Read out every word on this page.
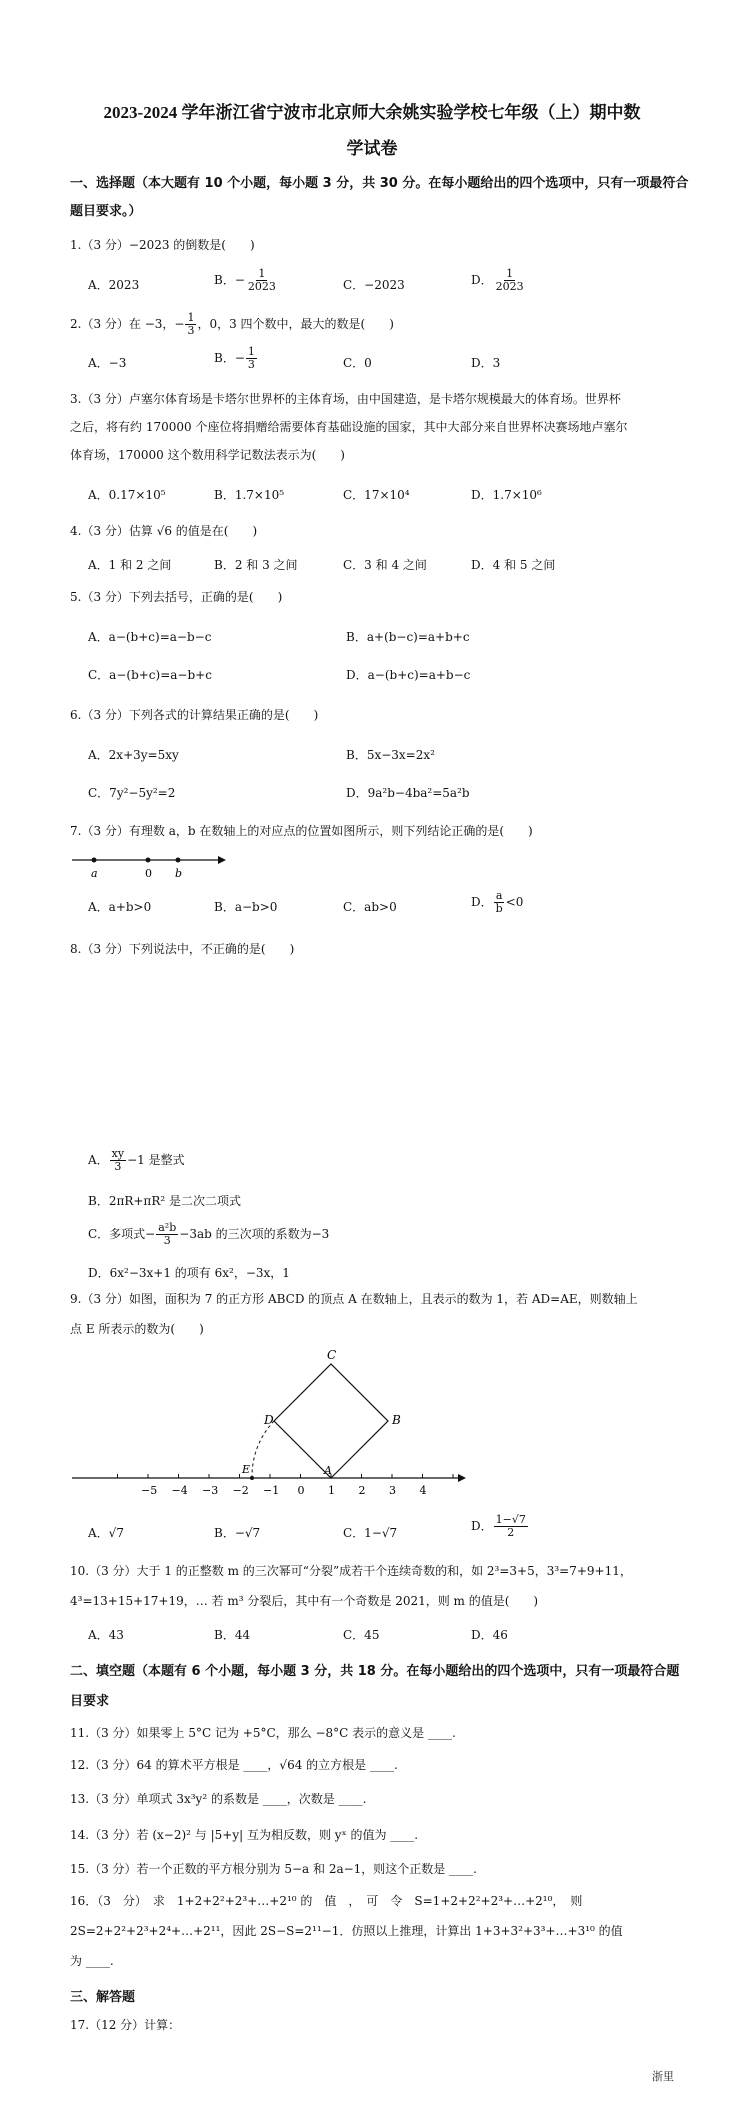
2023-2024 学年浙江省宁波市北京师大余姚实验学校七年级（上）期中数
学试卷
一、选择题（本大题有 10 个小题，每小题 3 分，共 30 分。在每小题给出的四个选项中，只有一项最符合
题目要求。）
1.（3 分）−2023 的倒数是(　　)
A．2023	B．− $\frac{1}{2023}$	C．−2023	D． $\frac{1}{2023}$
2.（3 分）在 −3，− $\frac{1}{3}$ ，0，3 四个数中，最大的数是(　　)
A．−3	B．− $\frac{1}{3}$	C．0	D．3
3.（3 分）卢塞尔体育场是卡塔尔世界杯的主体育场，由中国建造，是卡塔尔规模最大的体育场。世界杯
之后，将有约 170000 个座位将捐赠给需要体育基础设施的国家，其中大部分来自世界杯决赛场地卢塞尔
体育场，170000 这个数用科学记数法表示为(　　)
A．0.17×10⁵	B．1.7×10⁵	C．17×10⁴	D．1.7×10⁶
4.（3 分）估算 √6 的值是在(　　)
A．1 和 2 之间	B．2 和 3 之间	C．3 和 4 之间	D．4 和 5 之间
5.（3 分）下列去括号，正确的是(　　)
A．a−(b+c)=a−b−c	B．a+(b−c)=a+b+c
C．a−(b+c)=a−b+c	D．a−(b+c)=a+b−c
6.（3 分）下列各式的计算结果正确的是(　　)
A．2x+3y=5xy	B．5x−3x=2x²
C．7y²−5y²=2	D．9a²b−4ba²=5a²b
7.（3 分）有理数 a，b 在数轴上的对应点的位置如图所示，则下列结论正确的是(　　)
a	0 b
A．a+b>0	B．a−b>0	C．ab>0	D． $\frac{a}{b} <0$
8.（3 分）下列说法中，不正确的是(　　)
A． $\frac{xy}{3} -1$ 是整式
B．2πR+πR² 是二次二项式
C．多项式− $\frac{\text{a²b}}{3} -3ab$ 的三次项的系数为−3
D．6x²−3x+1 的项有 6x²，−3x，1
9.（3 分）如图，面积为 7 的正方形 ABCD 的顶点 A 在数轴上，且表示的数为 1，若 AD=AE，则数轴上
点 E 所表示的数为(　　)
−5 −4 −3 −2 −1 0 1 2 3 4
C
D	B
E	A
A．√7	B．−√7	C．1−√7	D． $\frac{1-√7}{2}$
10.（3 分）大于 1 的正整数 m 的三次幂可“分裂”成若干个连续奇数的和，如 2³=3+5，3³=7+9+11，
4³=13+15+17+19，… 若 m³ 分裂后，其中有一个奇数是 2021，则 m 的值是(　　)
A．43	B．44	C．45	D．46
二、填空题（本题有 6 个小题，每小题 3 分，共 18 分。在每小题给出的四个选项中，只有一项最符合题
目要求
11.（3 分）如果零上 5°C 记为 +5°C，那么 −8°C 表示的意义是 ____.
12.（3 分）64 的算术平方根是 ____，√64 的立方根是 ____.
13.（3 分）单项式 3x³y² 的系数是 ____，次数是 ____.
14.（3 分）若 (x−2)² 与 |5+y| 互为相反数，则 yˣ 的值为 ____.
15.（3 分）若一个正数的平方根分别为 5−a 和 2a−1，则这个正数是 ____.
16．（3　分）　求　1+2+2²+2³+…+2¹⁰ 的　值　，　可　令　S=1+2+2²+2³+…+2¹⁰，　则
2S=2+2²+2³+2⁴+…+2¹¹，因此 2S−S=2¹¹−1．仿照以上推理，计算出 1+3+3²+3³+…+3¹⁰ 的值
为 ____.
三、解答题
17.（12 分）计算：
浙里
